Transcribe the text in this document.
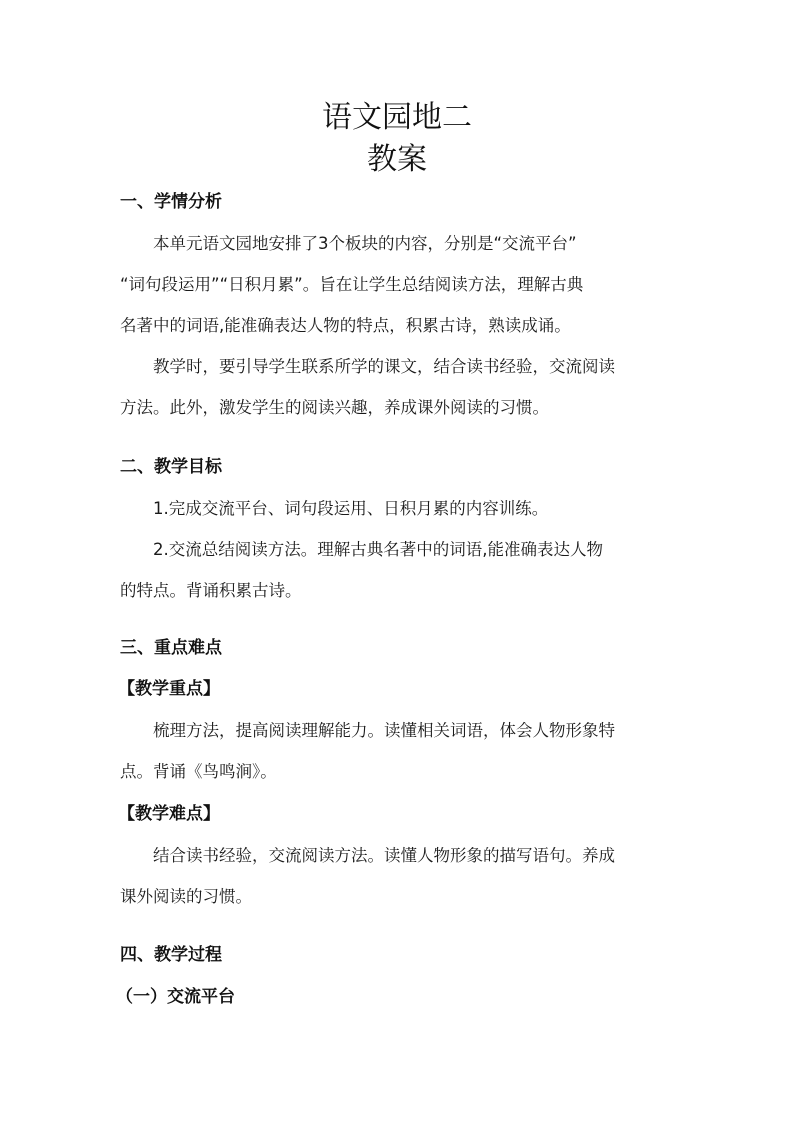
语文园地二
教案
一、学情分析
本单元语文园地安排了3个板块的内容，分别是“交流平台”
“词句段运用”“日积月累”。旨在让学生总结阅读方法，理解古典
名著中的词语,能准确表达人物的特点，积累古诗，熟读成诵。
教学时，要引导学生联系所学的课文，结合读书经验，交流阅读
方法。此外，激发学生的阅读兴趣，养成课外阅读的习惯。
二、教学目标
1.完成交流平台、词句段运用、日积月累的内容训练。
2.交流总结阅读方法。理解古典名著中的词语,能准确表达人物
的特点。背诵积累古诗。
三、重点难点
【教学重点】
梳理方法，提高阅读理解能力。读懂相关词语，体会人物形象特
点。背诵《鸟鸣涧》。
【教学难点】
结合读书经验，交流阅读方法。读懂人物形象的描写语句。养成
课外阅读的习惯。
四、教学过程
（一）交流平台
